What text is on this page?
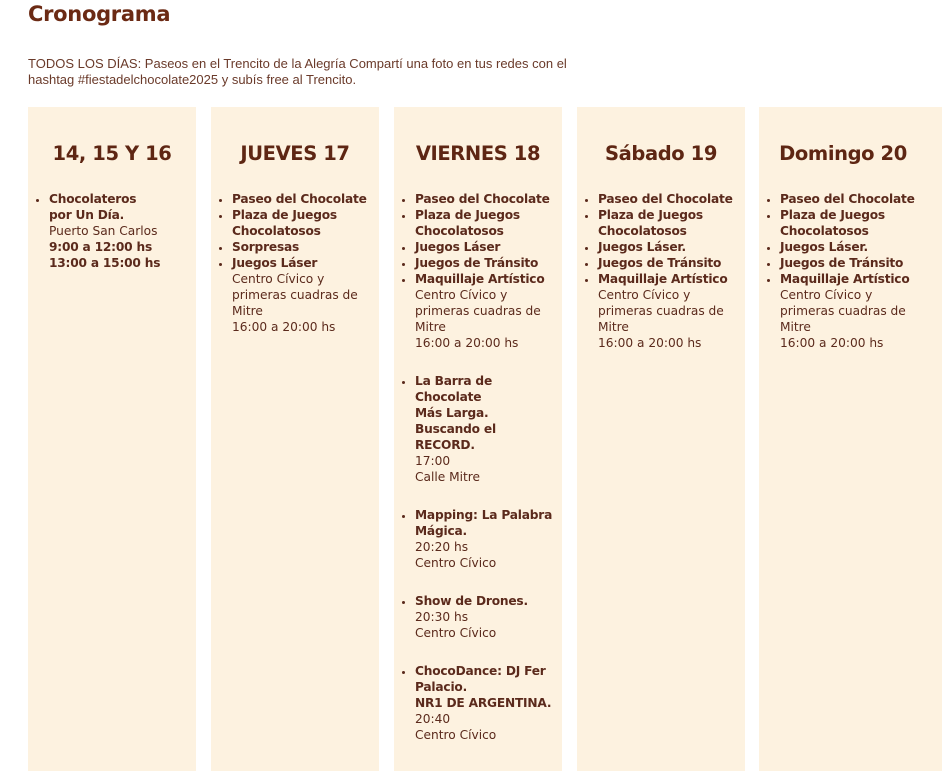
Cronograma

TODOS LOS DÍAS: Paseos en el Trencito de la Alegría Compartí una foto en tus redes con el hashtag #fiestadelchocolate2025 y subís free al Trencito.

14, 15 Y 16
• Chocolateros
por Un Día.
Puerto San Carlos
9:00 a 12:00 hs
13:00 a 15:00 hs
JUEVES 17
• Paseo del Chocolate
• Plaza de Juegos
Chocolatosos
• Sorpresas
• Juegos Láser
Centro Cívico y
primeras cuadras de
Mitre
16:00 a 20:00 hs
VIERNES 18
• Paseo del Chocolate
• Plaza de Juegos
Chocolatosos
• Juegos Láser
• Juegos de Tránsito
• Maquillaje Artístico
Centro Cívico y
primeras cuadras de
Mitre
16:00 a 20:00 hs
• La Barra de Chocolate
Más Larga.
Buscando el RECORD.
17:00
Calle Mitre
• Mapping: La Palabra
Mágica.
20:20 hs
Centro Cívico
• Show de Drones.
20:30 hs
Centro Cívico
• ChocoDance: DJ Fer
Palacio.
NR1 DE ARGENTINA.
20:40
Centro Cívico
Sábado 19
• Paseo del Chocolate
• Plaza de Juegos
Chocolatosos
• Juegos Láser.
• Juegos de Tránsito
• Maquillaje Artístico
Centro Cívico y
primeras cuadras de
Mitre
16:00 a 20:00 hs
Domingo 20
• Paseo del Chocolate
• Plaza de Juegos
Chocolatosos
• Juegos Láser.
• Juegos de Tránsito
• Maquillaje Artístico
Centro Cívico y
primeras cuadras de
Mitre
16:00 a 20:00 hs
